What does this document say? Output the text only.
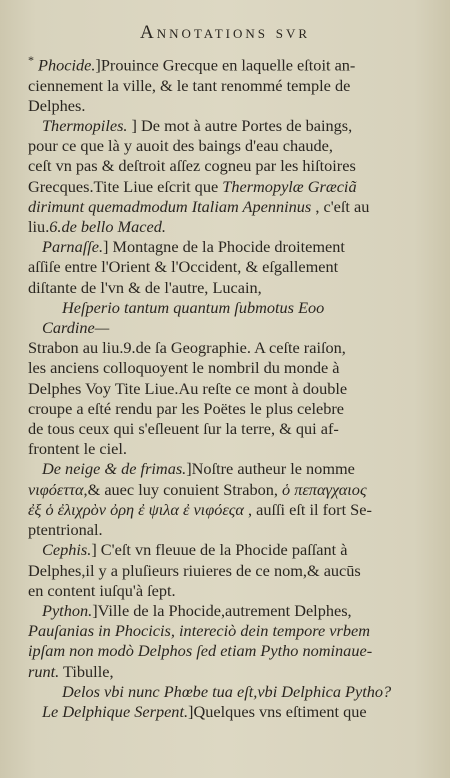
Annotations svr

* Phocide.]Prouince Grecque en laquelle eſtoit an-

ciennement la ville, & le tant renommé temple de

Delphes.

Thermopiles. ] De mot à autre Portes de baings,

pour ce que là y auoit des baings d'eau chaude,

ceſt vn pas & deſtroit aſſez cogneu par les hiſtoires

Grecques.Tite Liue eſcrit que Thermopylæ Græciã

dirimunt quemadmodum Italiam Apenninus , c'eſt au

liu.6.de bello Maced.

Parnaſſe.] Montagne de la Phocide droitement

aſſiſe entre l'Orient & l'Occident, & eſgallement

diſtante de l'vn & de l'autre, Lucain,

Heſperio tantum quantum ſubmotus Eoo

Cardine—

Strabon au liu.9.de ſa Geographie. A ceſte raiſon,

les anciens colloquoyent le nombril du monde à

Delphes Voy Tite Liue.Au reſte ce mont à double

croupe a eſté rendu par les Poëtes le plus celebre

de tous ceux qui s'eſleuent ſur la terre, & qui af-

frontent le ciel.

De neige & de frimas.]Noſtre autheur le nomme

νιφόεττα,& auec luy conuient Strabon, ὁ πεπαγχαιος

ἐξ ὁ ἐλιχρὸν ὀρη ἐ ψιλα ἐ νιφόεςα , auſſi eſt il fort Se-

ptentrional.

Cephis.] C'eſt vn fleuue de la Phocide paſſant à

Delphes,il y a pluſieurs riuieres de ce nom,& aucūs

en content iuſqu'à ſept.

Python.]Ville de la Phocide,autrement Delphes,

Pauſanias in Phocicis, intereciò dein tempore vrbem

ipſam non modò Delphos ſed etiam Pytho nominaue-

runt. Tibulle,

Delos vbi nunc Phœbe tua eſt,vbi Delphica Pytho?

Le Delphique Serpent.]Quelques vns eſtiment que
